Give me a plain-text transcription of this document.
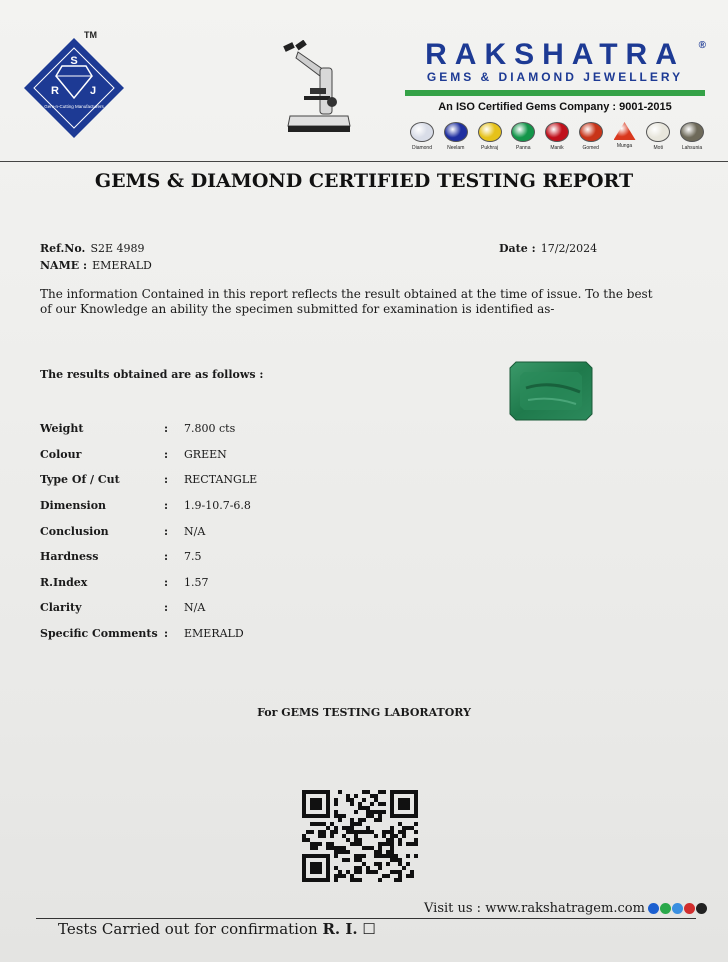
TM
S
R	J
Gem-n-Cutting Manufacturers
RAKSHATRA	®
GEMS & DIAMOND JEWELLERY
An ISO Certified Gems Company : 9001-2015
Diamond	Neelam	Pukhraj	Panna	Manik	Gomed	Munga	Moti	Lahsunia
GEMS & DIAMOND CERTIFIED TESTING REPORT
Ref.No. S2E 4989
NAME : EMERALD
Date : 17/2/2024
The information Contained in this report reflects the result obtained at the time of issue. To the best of our Knowledge an ability the specimen submitted for examination is identified as-
The results obtained are as follows :
Weight	:	7.800 cts
Colour	:	GREEN
Type Of / Cut	:	RECTANGLE
Dimension	:	1.9-10.7-6.8
Conclusion	:	N/A
Hardness	:	7.5
R.Index	:	1.57
Clarity	:	N/A
Specific Comments :	EMERALD
For GEMS TESTING LABORATORY
Tests Carried out for confirmation R. I. ☐
Visit us : www.rakshatragem.com
